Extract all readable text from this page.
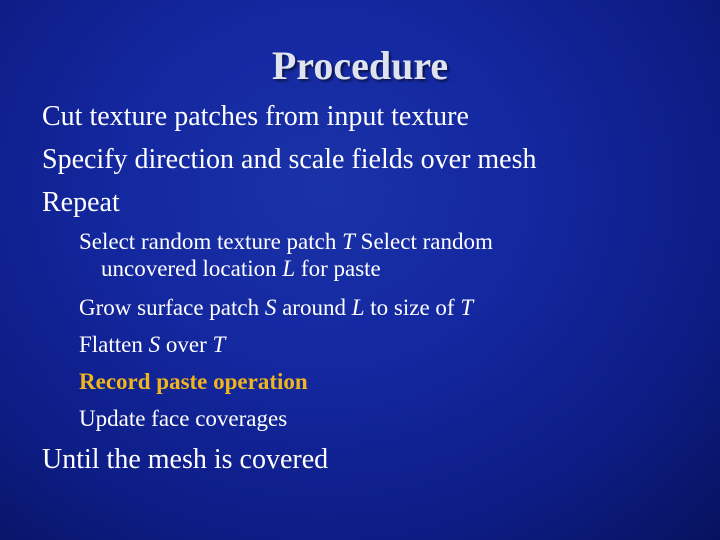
Procedure
Cut texture patches from input texture
Specify direction and scale fields over mesh
Repeat
Select random texture patch T Select random
uncovered location L for paste
Grow surface patch S around L to size of T
Flatten S over T
Record paste operation
Update face coverages
Until the mesh is covered
